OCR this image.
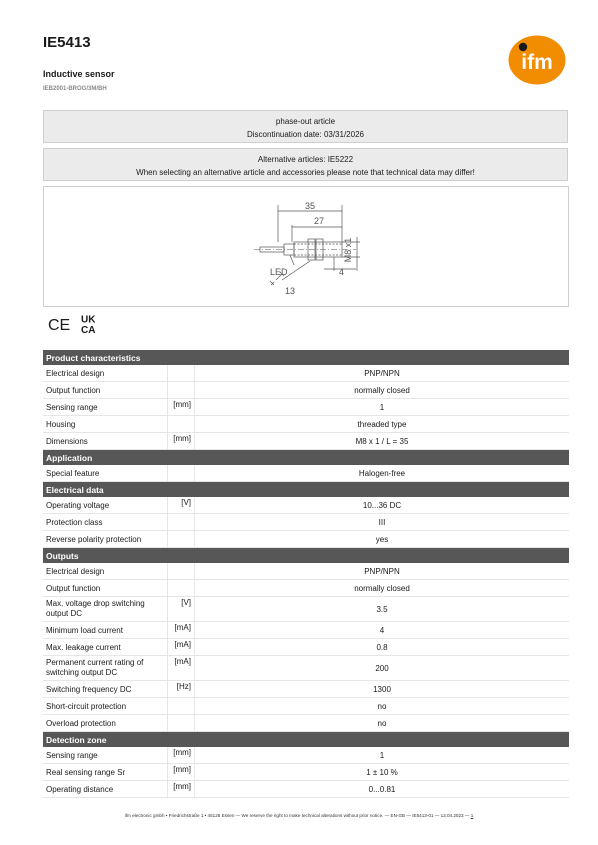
IE5413
Inductive sensor
IEB2001-BROG/3M/BH
ifm
phase-out article
Discontinuation date: 03/31/2026
Alternative articles: IE5222
When selecting an alternative article and accessories please note that technical data may differ!
35
27
M8 x1
4
LED
13
CE UK
CA
Product characteristics		
Electrical design		PNP/NPN
Output function		normally closed
Sensing range	[mm]	1
Housing		threaded type
Dimensions	[mm]	M8 x 1 / L = 35
Application		
Special feature		Halogen-free
Electrical data		
Operating voltage	[V]	10...36 DC
Protection class		III
Reverse polarity protection		yes
Outputs		
Electrical design		PNP/NPN
Output function		normally closed
Max. voltage drop switching output DC	[V]	3.5
Minimum load current	[mA]	4
Max. leakage current	[mA]	0.8
Permanent current rating of switching output DC	[mA]	200
Switching frequency DC	[Hz]	1300
Short-circuit protection		no
Overload protection		no
Detection zone		
Sensing range	[mm]	1
Real sensing range Sr	[mm]	1 ± 10 %
Operating distance	[mm]	0...0.81
ifm electronic gmbh • Friedrichstraße 1 • 45128 Essen — We reserve the right to make technical alterations without prior notice. — EN-GB — IE5413-01 — 13.04.2023 — 1
